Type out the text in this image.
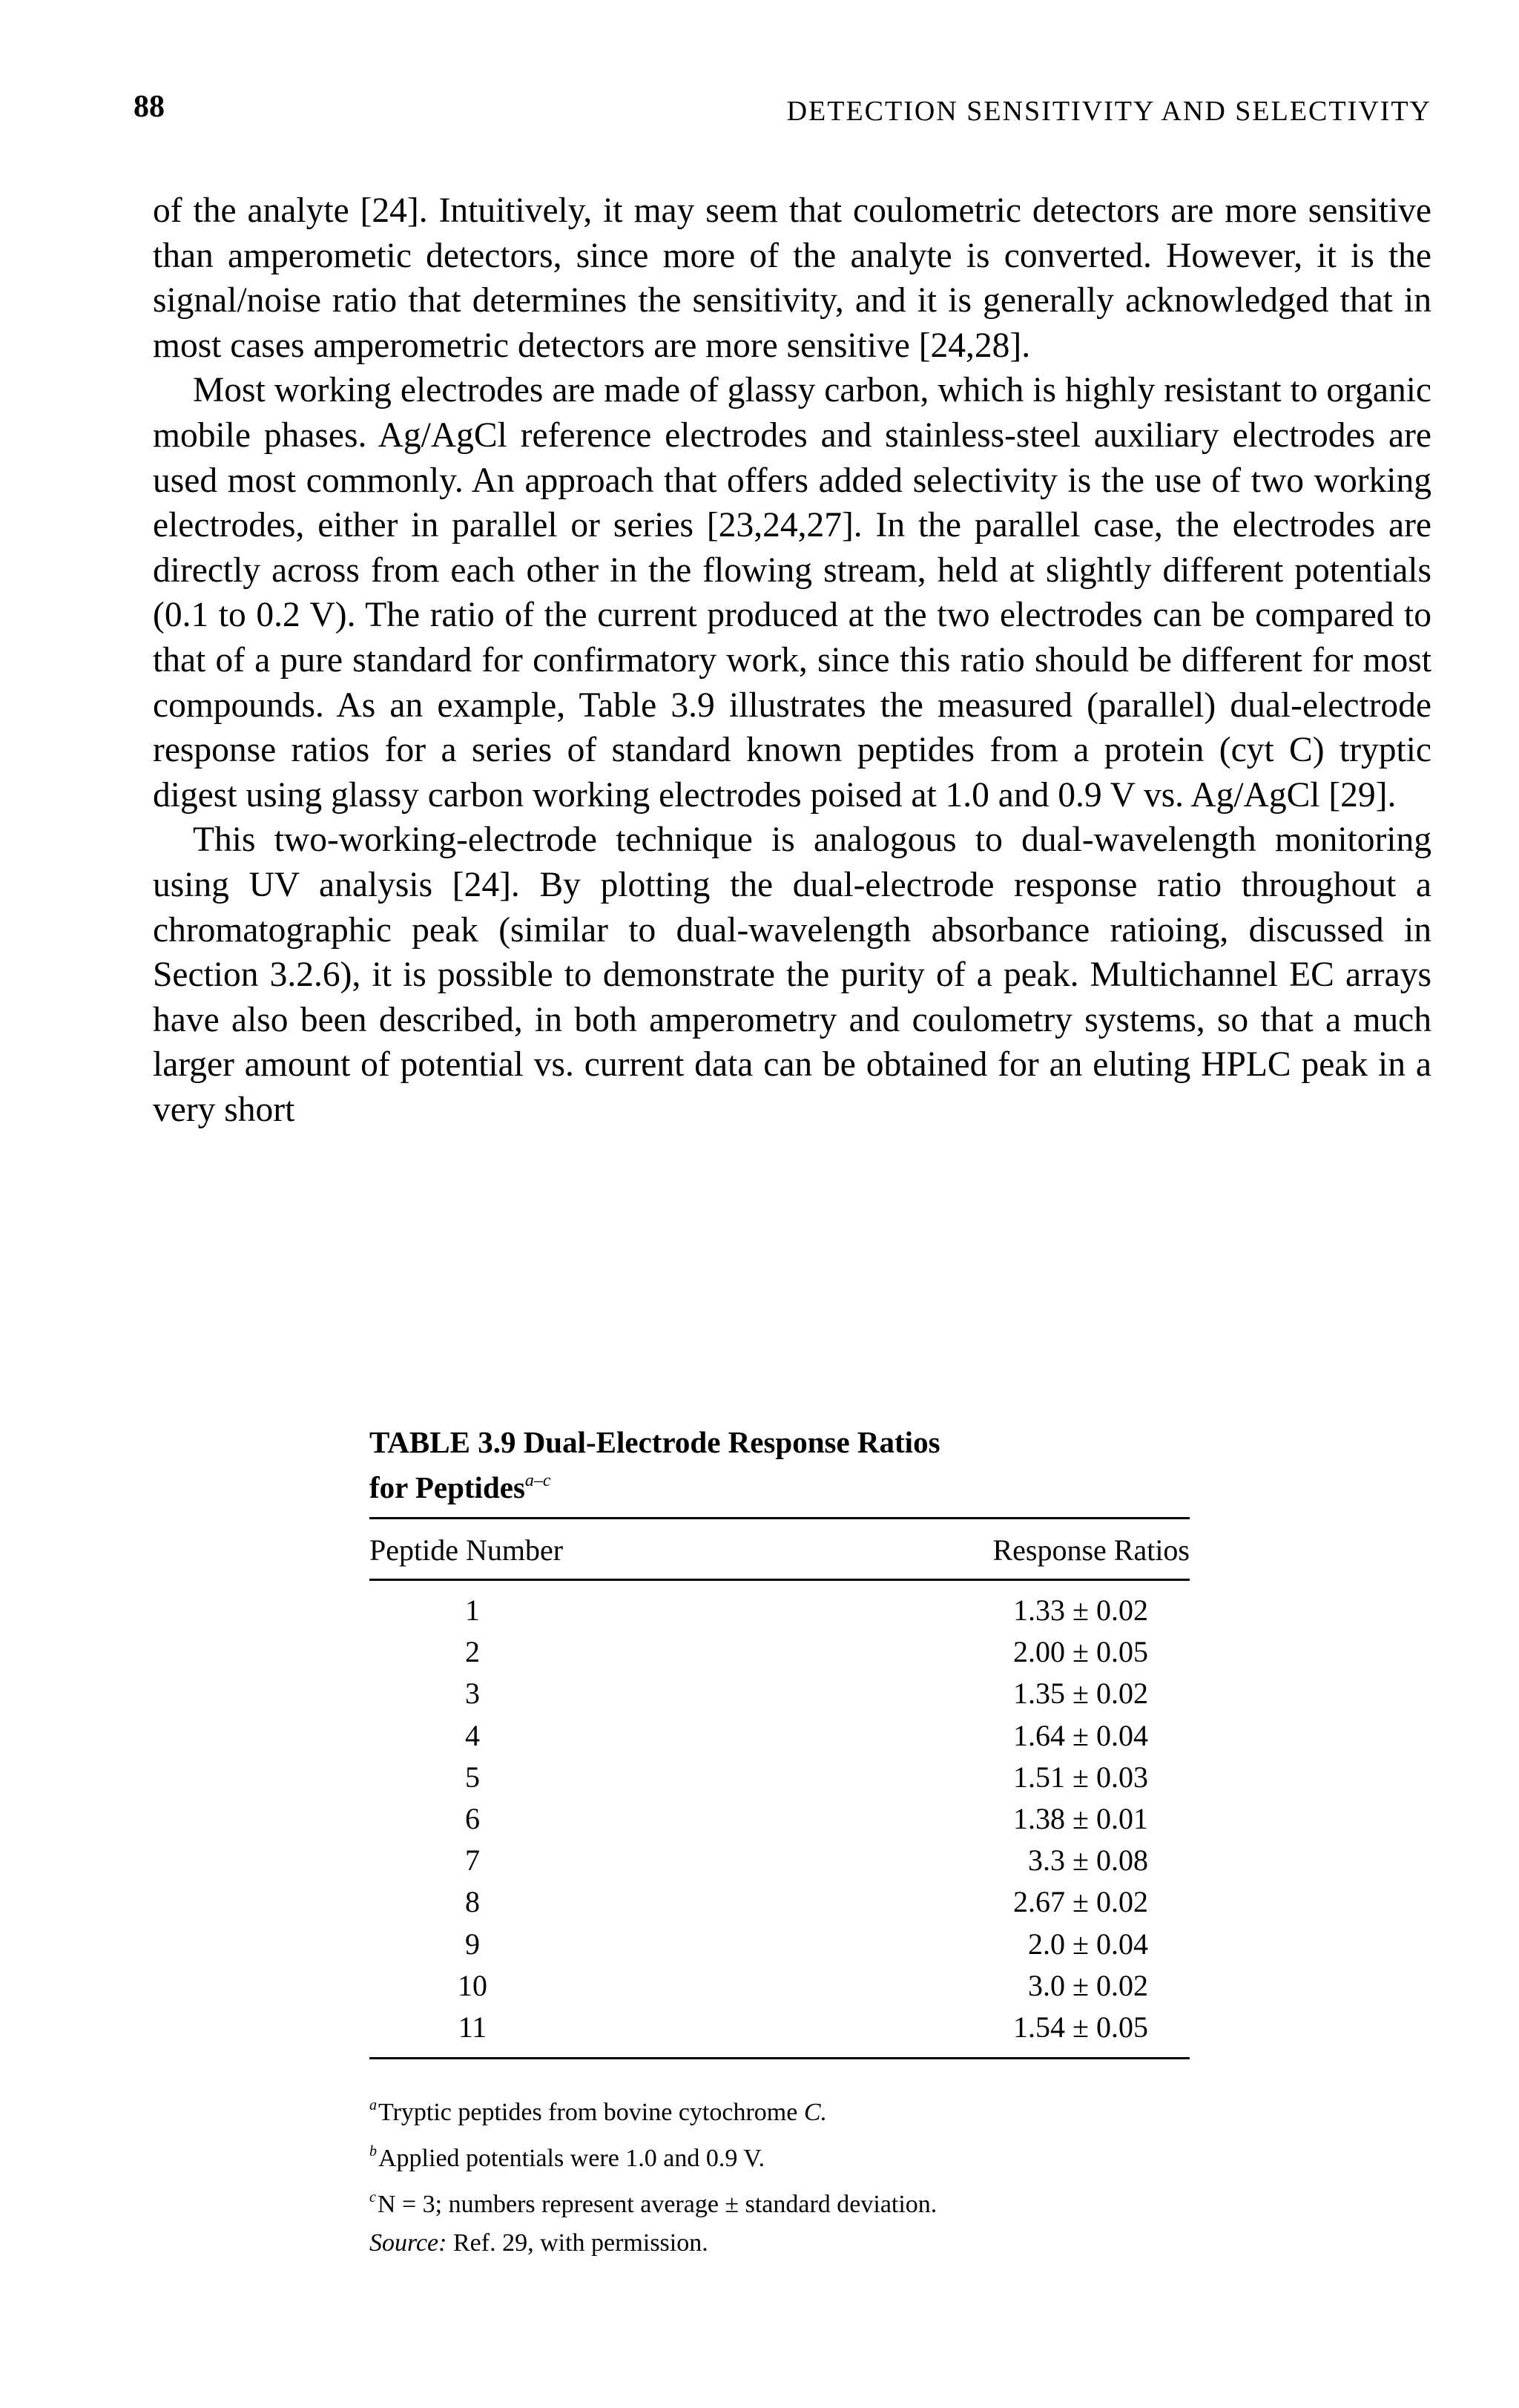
88	DETECTION SENSITIVITY AND SELECTIVITY

of the analyte [24]. Intuitively, it may seem that coulometric detectors are more sensitive than amperometic detectors, since more of the analyte is converted. However, it is the signal/noise ratio that determines the sensitivity, and it is generally acknowledged that in most cases amperometric detectors are more sensitive [24,28].

Most working electrodes are made of glassy carbon, which is highly resistant to organic mobile phases. Ag/AgCl reference electrodes and stainless-steel auxiliary electrodes are used most commonly. An approach that offers added selectivity is the use of two working electrodes, either in parallel or series [23,24,27]. In the parallel case, the electrodes are directly across from each other in the flowing stream, held at slightly different potentials (0.1 to 0.2 V). The ratio of the current produced at the two electrodes can be compared to that of a pure standard for confirmatory work, since this ratio should be different for most compounds. As an example, Table 3.9 illustrates the measured (parallel) dual-electrode response ratios for a series of standard known peptides from a protein (cyt C) tryptic digest using glassy carbon working electrodes poised at 1.0 and 0.9 V vs. Ag/AgCl [29].

This two-working-electrode technique is analogous to dual-wavelength monitoring using UV analysis [24]. By plotting the dual-electrode response ratio throughout a chromatographic peak (similar to dual-wavelength absorbance ratioing, discussed in Section 3.2.6), it is possible to demonstrate the purity of a peak. Multichannel EC arrays have also been described, in both amperometry and coulometry systems, so that a much larger amount of potential vs. current data can be obtained for an eluting HPLC peak in a very short

TABLE 3.9 Dual-Electrode Response Ratios
for Peptides$^{a-c}$
Peptide Number	Response Ratios
1	1.33 ± 0.02
2	2.00 ± 0.05
3	1.35 ± 0.02
4	1.64 ± 0.04
5	1.51 ± 0.03
6	1.38 ± 0.01
7	3.3 ± 0.08
8	2.67 ± 0.02
9	2.0 ± 0.04
10	3.0 ± 0.02
11	1.54 ± 0.05

$^a$Tryptic peptides from bovine cytochrome C.

$^b$Applied potentials were 1.0 and 0.9 V.

$^c$N = 3; numbers represent average ± standard deviation.

Source: Ref. 29, with permission.
